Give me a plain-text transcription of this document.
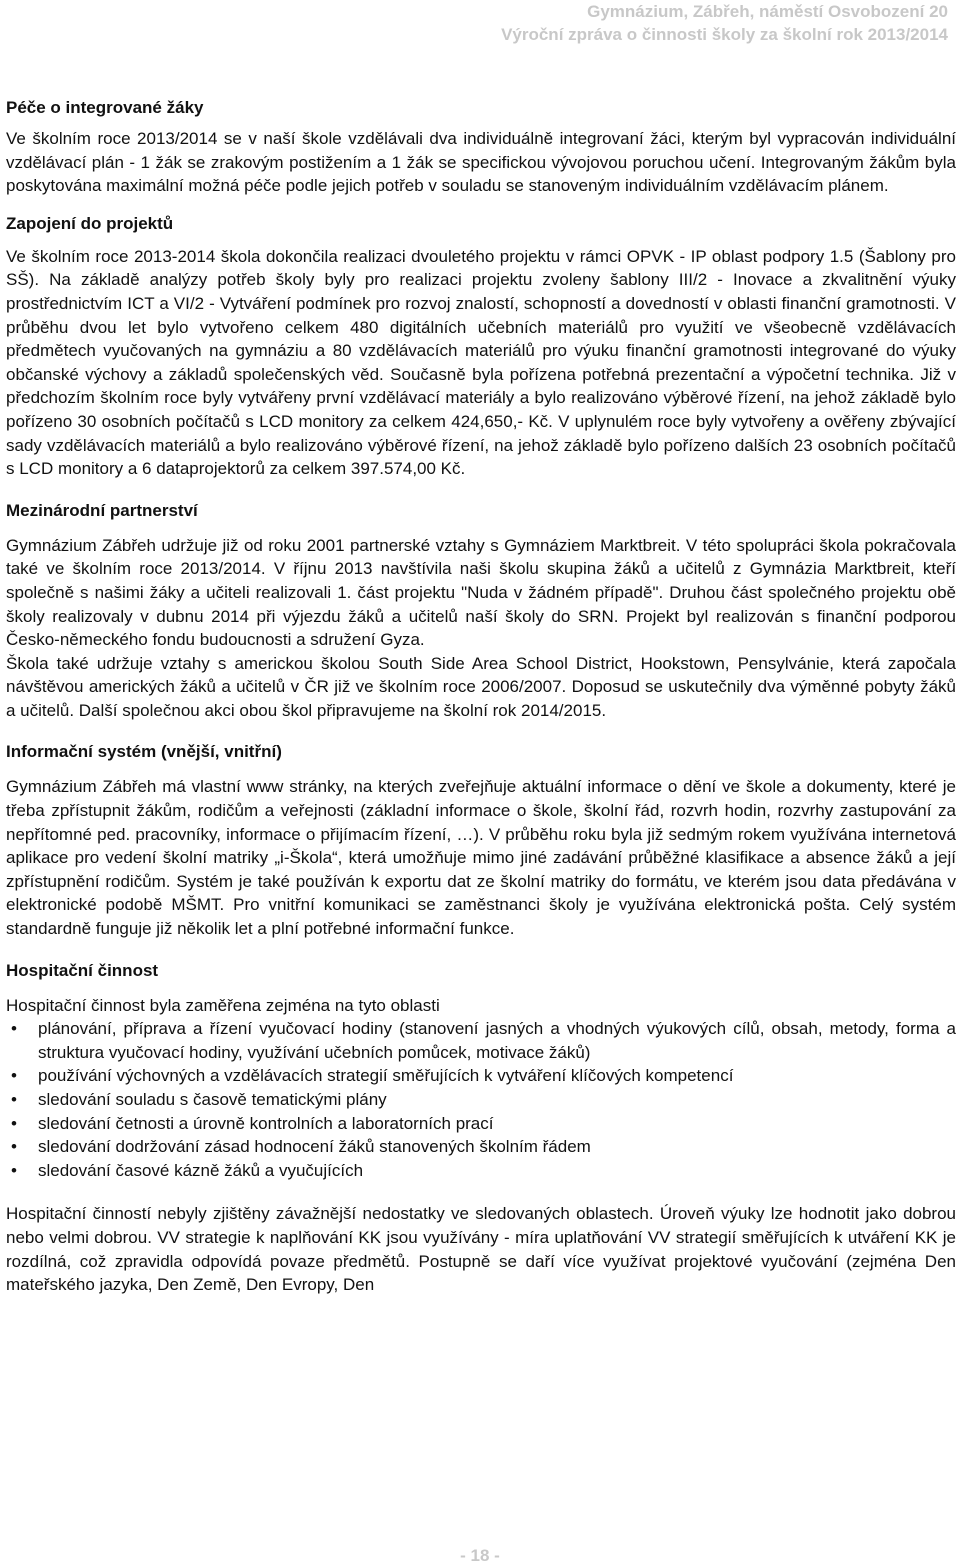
Gymnázium, Zábřeh, náměstí Osvobození 20
Výroční zpráva o činnosti školy za školní rok 2013/2014
Péče o integrované žáky

Ve školním roce 2013/2014 se v naší škole vzdělávali dva individuálně integrovaní žáci, kterým byl vypracován individuální vzdělávací plán - 1 žák se zrakovým postižením a 1 žák se specifickou vývojovou poruchou učení. Integrovaným žákům byla poskytována maximální možná péče podle jejich potřeb v souladu se stanoveným individuálním vzdělávacím plánem.

Zapojení do projektů

Ve školním roce 2013-2014 škola dokončila realizaci dvouletého projektu v rámci OPVK - IP oblast podpory 1.5 (Šablony pro SŠ). Na základě analýzy potřeb školy byly pro realizaci projektu zvoleny šablony III/2 - Inovace a zkvalitnění výuky prostřednictvím ICT a VI/2 - Vytváření podmínek pro rozvoj znalostí, schopností a dovedností v oblasti finanční gramotnosti. V průběhu dvou let bylo vytvořeno celkem 480 digitálních učebních materiálů pro využití ve všeobecně vzdělávacích předmětech vyučovaných na gymnáziu a 80 vzdělávacích materiálů pro výuku finanční gramotnosti integrované do výuky občanské výchovy a základů společenských věd. Současně byla pořízena potřebná prezentační a výpočetní technika. Již v předchozím školním roce byly vytvářeny první vzdělávací materiály a bylo realizováno výběrové řízení, na jehož základě bylo pořízeno 30 osobních počítačů s LCD monitory za celkem 424,650,- Kč. V uplynulém roce byly vytvořeny a ověřeny zbývající sady vzdělávacích materiálů a bylo realizováno výběrové řízení, na jehož základě bylo pořízeno dalších 23 osobních počítačů s LCD monitory a 6 dataprojektorů za celkem 397.574,00 Kč.

Mezinárodní partnerství

Gymnázium Zábřeh udržuje již od roku 2001 partnerské vztahy s Gymnáziem Marktbreit. V této spolupráci škola pokračovala také ve školním roce 2013/2014. V říjnu 2013 navštívila naši školu skupina žáků a učitelů z Gymnázia Marktbreit, kteří společně s našimi žáky a učiteli realizovali 1. část projektu "Nuda v žádném případě". Druhou část společného projektu obě školy realizovaly v dubnu 2014 při výjezdu žáků a učitelů naší školy do SRN. Projekt byl realizován s finanční podporou Česko-německého fondu budoucnosti a sdružení Gyza.

Škola také udržuje vztahy s americkou školou South Side Area School District, Hookstown, Pensylvánie, která započala návštěvou amerických žáků a učitelů v ČR již ve školním roce 2006/2007. Doposud se uskutečnily dva výměnné pobyty žáků a učitelů. Další společnou akci obou škol připravujeme na školní rok 2014/2015.

Informační systém (vnější, vnitřní)

Gymnázium Zábřeh má vlastní www stránky, na kterých zveřejňuje aktuální informace o dění ve škole a dokumenty, které je třeba zpřístupnit žákům, rodičům a veřejnosti (základní informace o škole, školní řád, rozvrh hodin, rozvrhy zastupování za nepřítomné ped. pracovníky, informace o přijímacím řízení, …). V průběhu roku byla již sedmým rokem využívána internetová aplikace pro vedení školní matriky „i-Škola“, která umožňuje mimo jiné zadávání průběžné klasifikace a absence žáků a její zpřístupnění rodičům. Systém je také používán k exportu dat ze školní matriky do formátu, ve kterém jsou data předávána v elektronické podobě MŠMT. Pro vnitřní komunikaci se zaměstnanci školy je využívána elektronická pošta. Celý systém standardně funguje již několik let a plní potřebné informační funkce.

Hospitační činnost

Hospitační činnost byla zaměřena zejména na tyto oblasti

• plánování, příprava a řízení vyučovací hodiny (stanovení jasných a vhodných výukových cílů, obsah, metody, forma a struktura vyučovací hodiny, využívání učebních pomůcek, motivace žáků)
• používání výchovných a vzdělávacích strategií směřujících k vytváření klíčových kompetencí
• sledování souladu s časově tematickými plány
• sledování četnosti a úrovně kontrolních a laboratorních prací
• sledování dodržování zásad hodnocení žáků stanovených školním řádem
• sledování časové kázně žáků a vyučujících

Hospitační činností nebyly zjištěny závažnější nedostatky ve sledovaných oblastech. Úroveň výuky lze hodnotit jako dobrou nebo velmi dobrou. VV strategie k naplňování KK jsou využívány - míra uplatňování VV strategií směřujících k utváření KK je rozdílná, což zpravidla odpovídá povaze předmětů. Postupně se daří více využívat projektové vyučování (zejména Den mateřského jazyka, Den Země, Den Evropy, Den

- 18 -
